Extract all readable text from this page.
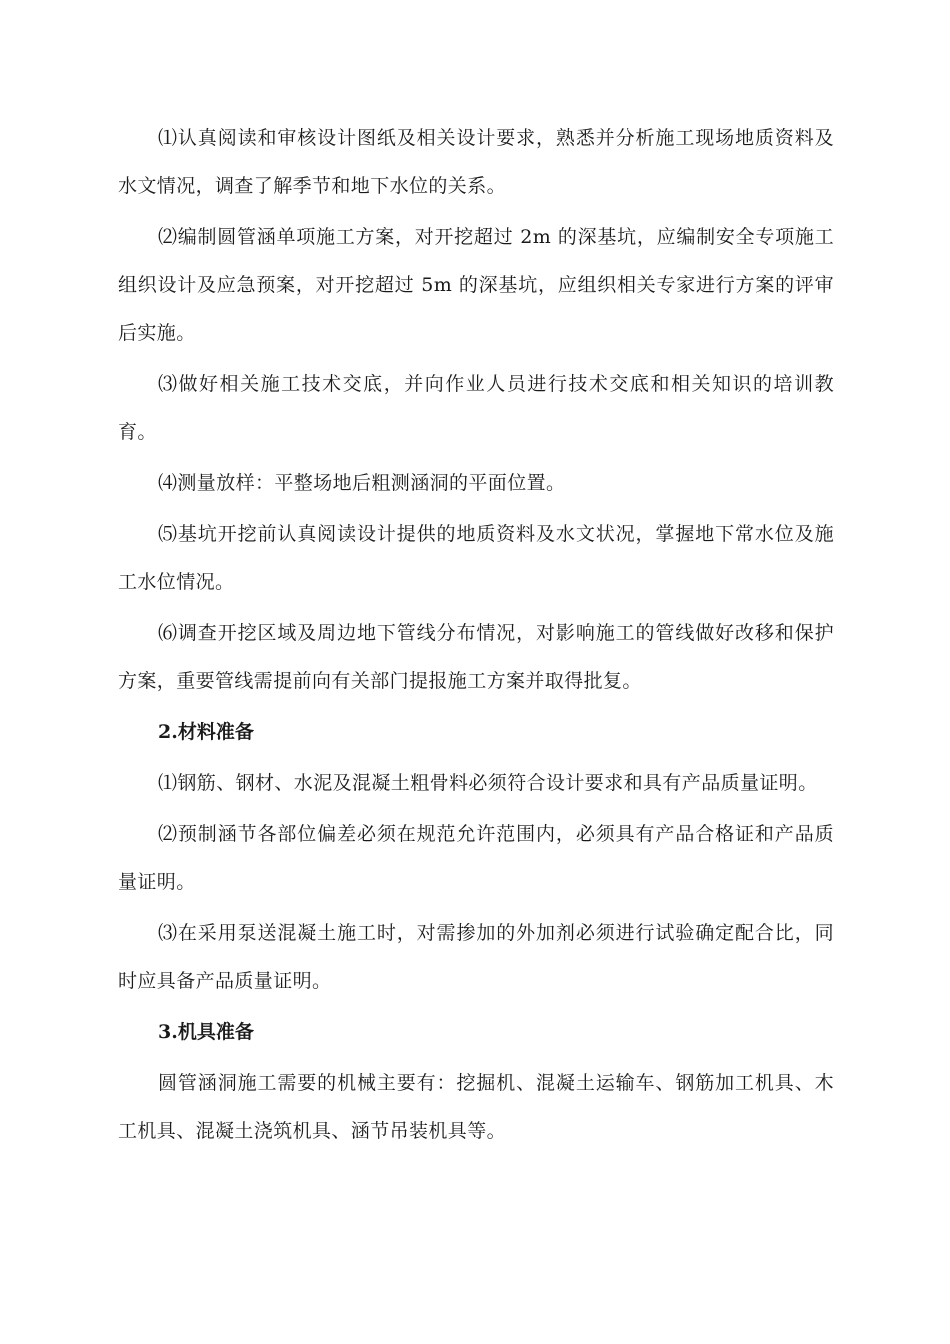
⑴认真阅读和审核设计图纸及相关设计要求，熟悉并分析施工现场地质资料及水文情况，调查了解季节和地下水位的关系。

⑵编制圆管涵单项施工方案，对开挖超过 2m 的深基坑，应编制安全专项施工组织设计及应急预案，对开挖超过 5m 的深基坑，应组织相关专家进行方案的评审后实施。

⑶做好相关施工技术交底，并向作业人员进行技术交底和相关知识的培训教育。

⑷测量放样：平整场地后粗测涵洞的平面位置。

⑸基坑开挖前认真阅读设计提供的地质资料及水文状况，掌握地下常水位及施工水位情况。

⑹调查开挖区域及周边地下管线分布情况，对影响施工的管线做好改移和保护方案，重要管线需提前向有关部门提报施工方案并取得批复。

2.材料准备

⑴钢筋、钢材、水泥及混凝土粗骨料必须符合设计要求和具有产品质量证明。

⑵预制涵节各部位偏差必须在规范允许范围内，必须具有产品合格证和产品质量证明。

⑶在采用泵送混凝土施工时，对需掺加的外加剂必须进行试验确定配合比，同时应具备产品质量证明。

3.机具准备

圆管涵洞施工需要的机械主要有：挖掘机、混凝土运输车、钢筋加工机具、木工机具、混凝土浇筑机具、涵节吊装机具等。
